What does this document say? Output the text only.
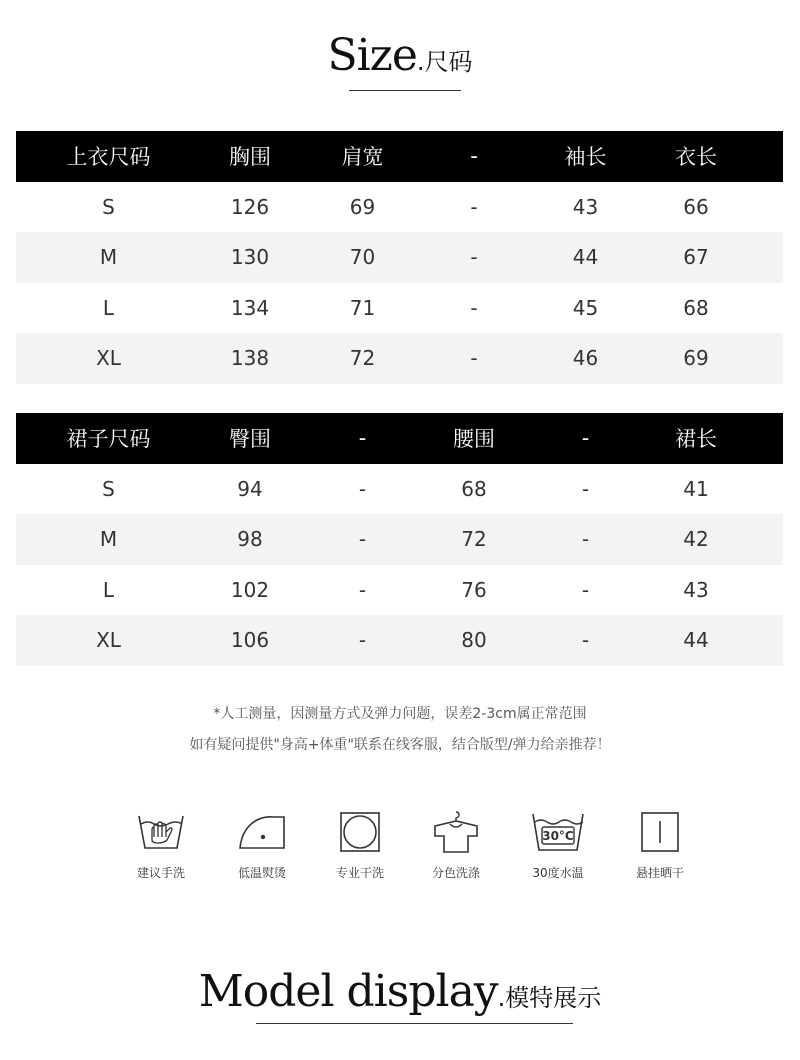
Size.尺码
上衣尺码	胸围	肩宽	-	袖长	衣长
S	126	69	-	43	66
M	130	70	-	44	67
L	134	71	-	45	68
XL	138	72	-	46	69
裙子尺码	臀围	-	腰围	-	裙长
S	94	-	68	-	41
M	98	-	72	-	42
L	102	-	76	-	43
XL	106	-	80	-	44
*人工测量，因测量方式及弹力问题，误差2-3cm属正常范围
如有疑问提供"身高+体重"联系在线客服，结合版型/弹力给亲推荐！
建议手洗	低温熨烫	专业干洗	分色洗涤
30°C
30度水温	悬挂晒干
Model display.模特展示
